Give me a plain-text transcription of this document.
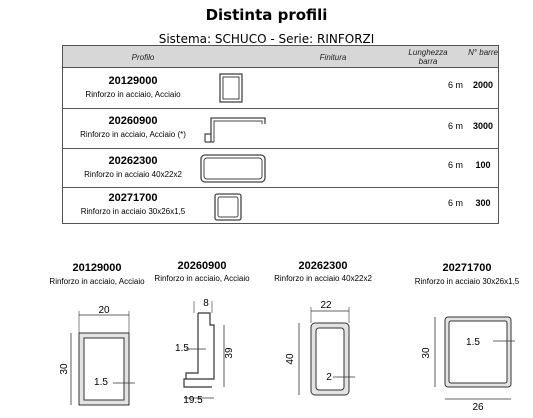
Distinta profili
Sistema: SCHUCO - Serie: RINFORZI
Profilo	Finitura
Lunghezza barra
N° barre
20129000
Rinforzo in acciaio, Acciaio
6 m	2000
20260900
Rinforzo in acciaio, Acciaio (*)
6 m	3000
20262300
Rinforzo in acciaio 40x22x2
6 m	100
20271700
Rinforzo in acciaio 30x26x1,5
6 m	300
20129000
Rinforzo in acciaio, Acciaio
20260900
Rinforzo in acciaio, Acciaio
20262300
Rinforzo in acciaio 40x22x2
20271700
Rinforzo in acciaio 30x26x1,5
20
30
1.5
8
39
1.5
19.5
22
40
2
30
1.5
26
